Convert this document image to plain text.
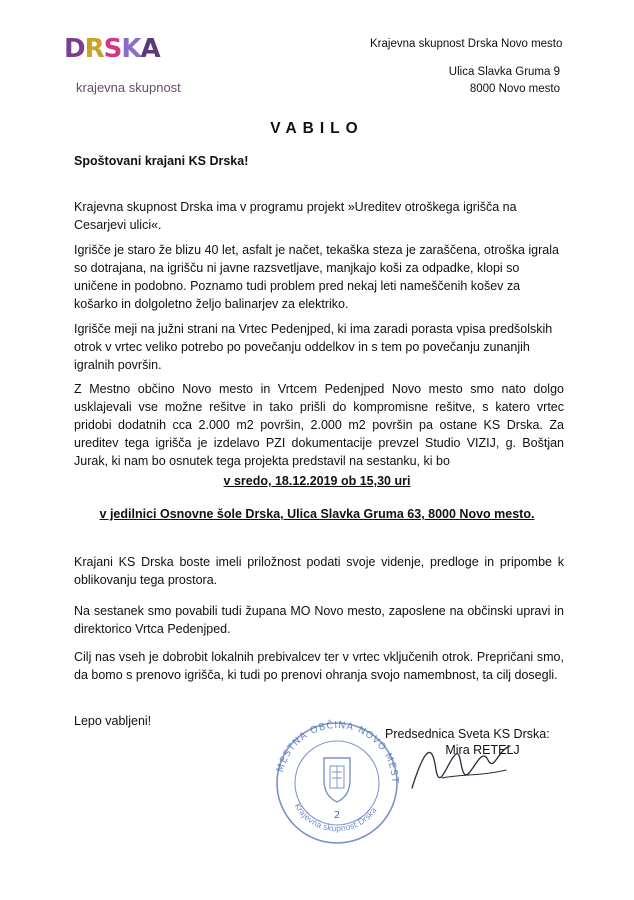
DRSKA
krajevna skupnost
Krajevna skupnost Drska Novo mesto
Ulica Slavka Gruma 9
8000 Novo mesto
VABILO
Spoštovani krajani KS Drska!

Krajevna skupnost Drska ima v programu projekt »Ureditev otroškega igrišča na Cesarjevi ulici«.

Igrišče je staro že blizu 40 let, asfalt je načet, tekaška steza je zaraščena, otroška igrala so dotrajana, na igrišču ni javne razsvetljave, manjkajo koši za odpadke, klopi so uničene in podobno. Poznamo tudi problem pred nekaj leti nameščenih košev za košarko in dolgoletno željo balinarjev za elektriko.

Igrišče meji na južni strani na Vrtec Pedenjped, ki ima zaradi porasta vpisa predšolskih otrok v vrtec veliko potrebo po povečanju oddelkov in s tem po povečanju zunanjih igralnih površin.

Z Mestno občino Novo mesto in Vrtcem Pedenjped Novo mesto smo nato dolgo usklajevali vse možne rešitve in tako prišli do kompromisne rešitve, s katero vrtec pridobi dodatnih cca 2.000 m2 površin, 2.000 m2 površin pa ostane KS Drska. Za ureditev tega igrišča je izdelavo PZI dokumentacije prevzel Studio VIZIJ, g. Boštjan Jurak, ki nam bo osnutek tega projekta predstavil na sestanku, ki bo

v sredo, 18.12.2019 ob 15,30 uri
v jedilnici Osnovne šole Drska, Ulica Slavka Gruma 63, 8000 Novo mesto.

Krajani KS Drska boste imeli priložnost podati svoje videnje, predloge in pripombe k oblikovanju tega prostora.

Na sestanek smo povabili tudi župana MO Novo mesto, zaposlene na občinski upravi in direktorico Vrtca Pedenjped.

Cilj nas vseh je dobrobit lokalnih prebivalcev ter v vrtec vključenih otrok. Prepričani smo, da bomo s prenovo igrišča, ki tudi po prenovi ohranja svojo namembnost, ta cilj dosegli.

Lepo vabljeni!
MESTNA OBČINA NOVO MEST
Krajevna skupnost Drska
2
Predsednica Sveta KS Drska:
Mira RETELJ
